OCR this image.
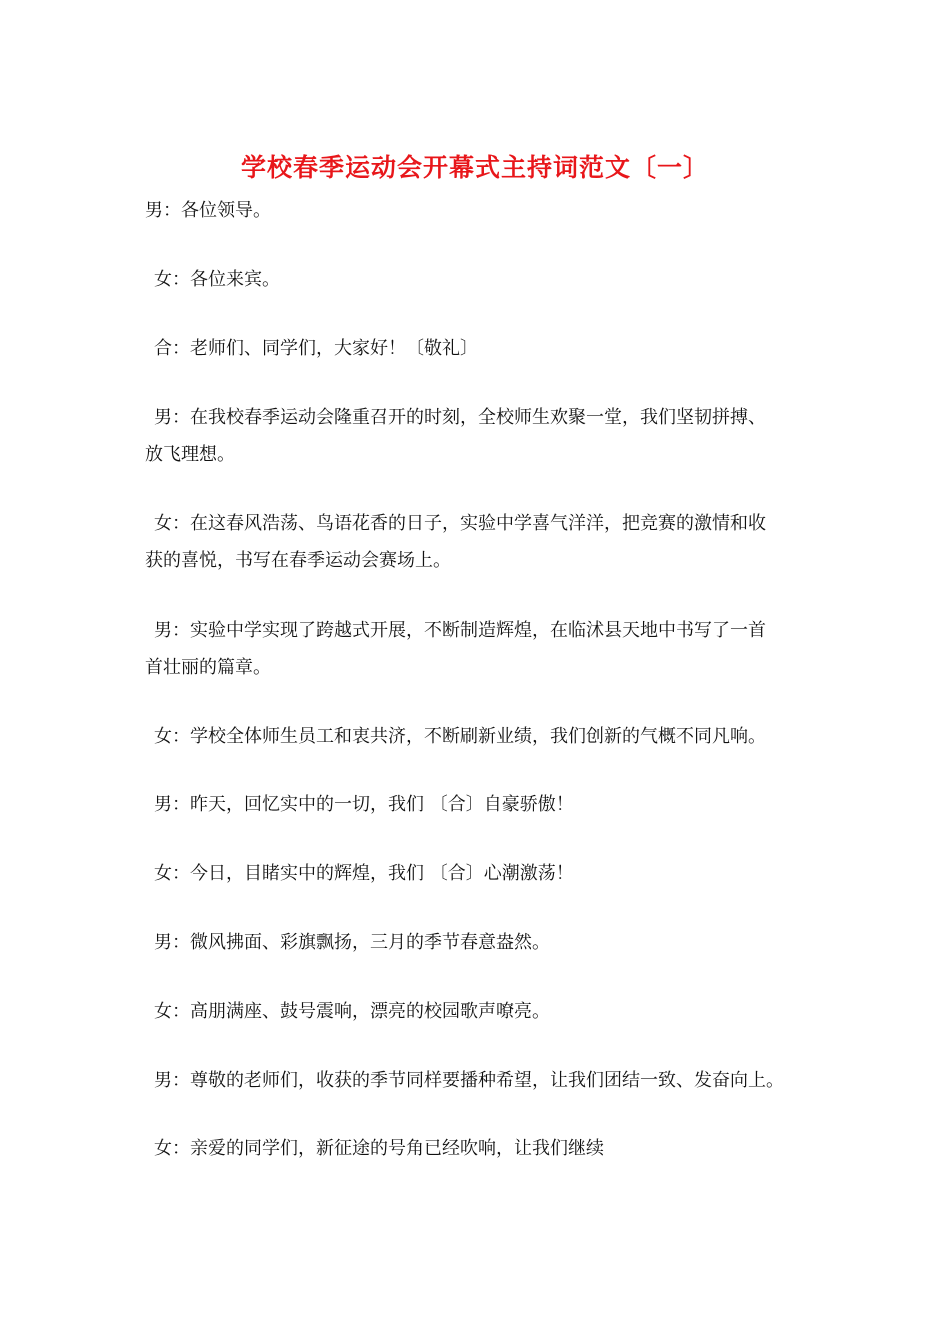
学校春季运动会开幕式主持词范文〔一〕
男：各位领导。
女：各位来宾。
合：老师们、同学们，大家好！〔敬礼〕
男：在我校春季运动会隆重召开的时刻，全校师生欢聚一堂，我们坚韧拼搏、
放飞理想。
女：在这春风浩荡、鸟语花香的日子，实验中学喜气洋洋，把竞赛的激情和收
获的喜悦，书写在春季运动会赛场上。
男：实验中学实现了跨越式开展，不断制造辉煌，在临沭县天地中书写了一首
首壮丽的篇章。
女：学校全体师生员工和衷共济，不断刷新业绩，我们创新的气概不同凡响。
男：昨天，回忆实中的一切，我们 〔合〕自豪骄傲！
女：今日，目睹实中的辉煌，我们 〔合〕心潮激荡！
男：微风拂面、彩旗飘扬，三月的季节春意盎然。
女：高朋满座、鼓号震响，漂亮的校园歌声嘹亮。
男：尊敬的老师们，收获的季节同样要播种希望，让我们团结一致、发奋向上。
女：亲爱的同学们，新征途的号角已经吹响，让我们继续
